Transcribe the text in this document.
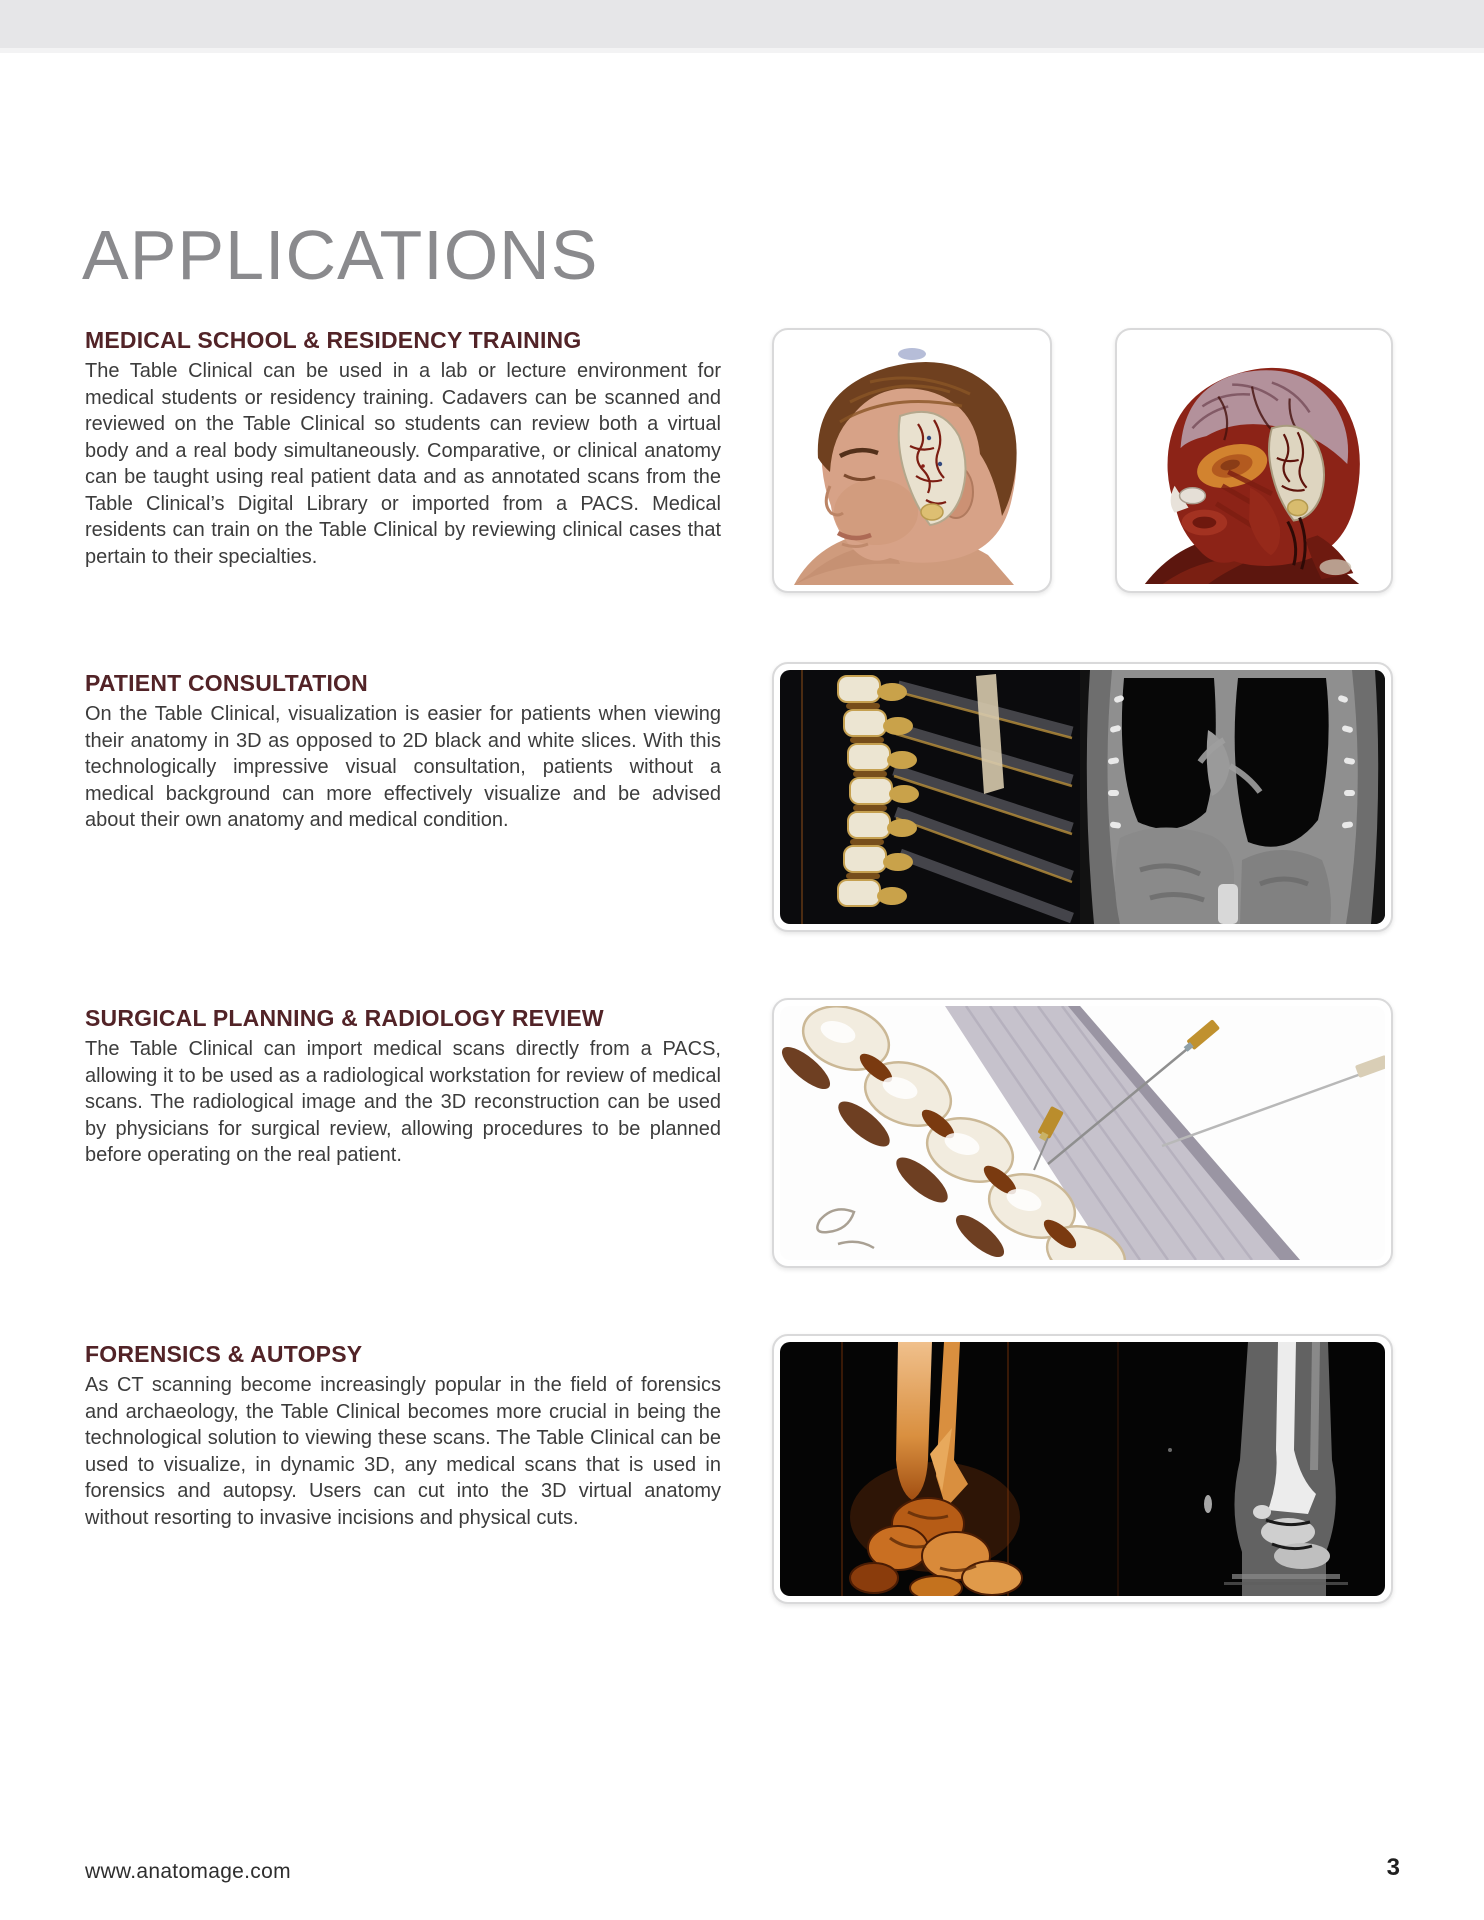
APPLICATIONS
MEDICAL SCHOOL & RESIDENCY TRAINING

The Table Clinical can be used in a lab or lecture environment for medical students or residency training. Cadavers can be scanned and reviewed on the Table Clinical so students can review both a virtual body and a real body simultaneously. Comparative, or clinical anatomy can be taught using real patient data and as annotated scans from the Table Clinical’s Digital Library or imported from a PACS. Medical residents can train on the Table Clinical by reviewing clinical cases that pertain to their specialties.

PATIENT CONSULTATION

On the Table Clinical, visualization is easier for patients when viewing their anatomy in 3D as opposed to 2D black and white slices. With this technologically impressive visual consultation, patients without a medical background can more effectively visualize and be advised about their own anatomy and medical condition.

SURGICAL PLANNING & RADIOLOGY REVIEW

The Table Clinical can import medical scans directly from a PACS, allowing it to be used as a radiological workstation for review of medical scans. The radiological image and the 3D reconstruction can be used by physicians for surgical review, allowing procedures to be planned before operating on the real patient.

FORENSICS & AUTOPSY

As CT scanning become increasingly popular in the field of forensics and archaeology, the Table Clinical becomes more crucial in being the technological solution to viewing these scans. The Table Clinical can be used to visualize, in dynamic 3D, any medical scans that is used in forensics and autopsy. Users can cut into the 3D virtual anatomy without resorting to invasive incisions and physical cuts.

www.anatomage.com	3
